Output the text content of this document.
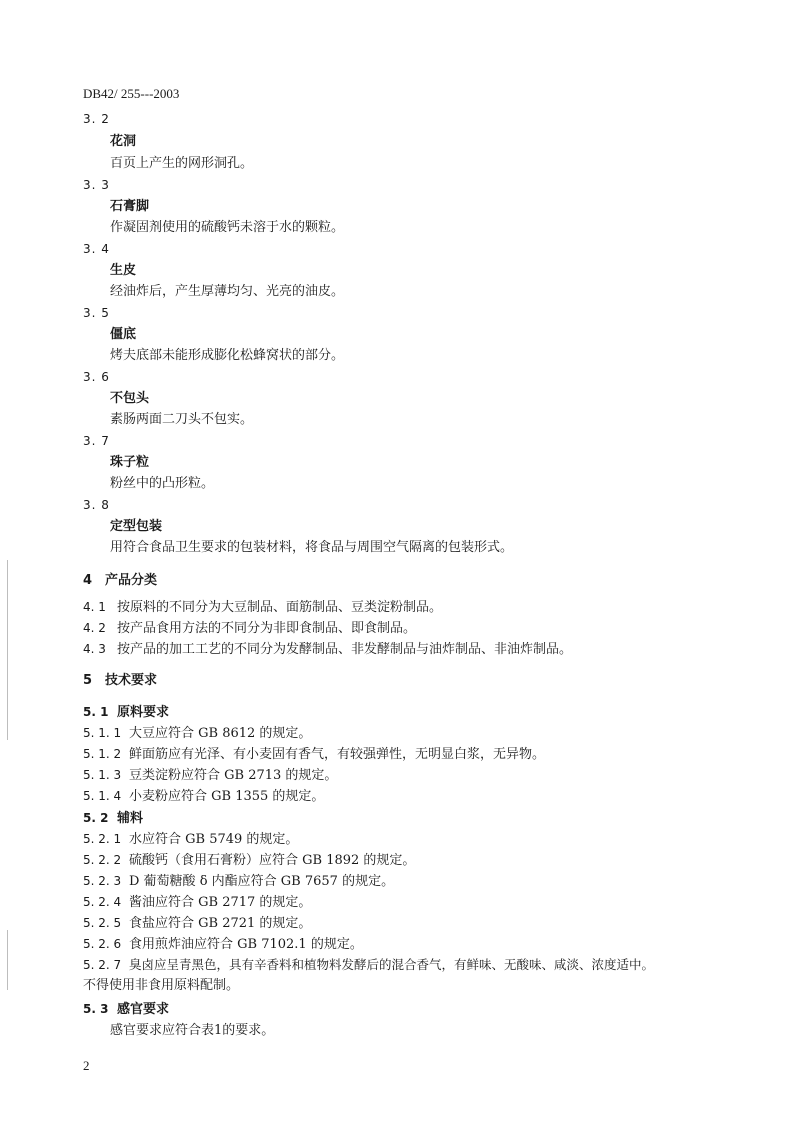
DB42/ 255---2003
3. 2
花洞
百页上产生的网形洞孔。
3. 3
石膏脚
作凝固剂使用的硫酸钙未溶于水的颗粒。
3. 4
生皮
经油炸后，产生厚薄均匀、光亮的油皮。
3. 5
僵底
烤夫底部未能形成膨化松蜂窝状的部分。
3. 6
不包头
素肠两面二刀头不包实。
3. 7
珠子粒
粉丝中的凸形粒。
3. 8
定型包装
用符合食品卫生要求的包装材料，将食品与周围空气隔离的包装形式。
4 产品分类
4. 1 按原料的不同分为大豆制品、面筋制品、豆类淀粉制品。
4. 2 按产品食用方法的不同分为非即食制品、即食制品。
4. 3 按产品的加工工艺的不同分为发酵制品、非发酵制品与油炸制品、非油炸制品。
5 技术要求
5. 1 原料要求
5. 1. 1 大豆应符合 GB 8612 的规定。
5. 1. 2 鲜面筋应有光泽、有小麦固有香气，有较强弹性，无明显白浆，无异物。
5. 1. 3 豆类淀粉应符合 GB 2713 的规定。
5. 1. 4 小麦粉应符合 GB 1355 的规定。
5. 2 辅料
5. 2. 1 水应符合 GB 5749 的规定。
5. 2. 2 硫酸钙（食用石膏粉）应符合 GB 1892 的规定。
5. 2. 3 D 葡萄糖酸 δ 内酯应符合 GB 7657 的规定。
5. 2. 4 酱油应符合 GB 2717 的规定。
5. 2. 5 食盐应符合 GB 2721 的规定。
5. 2. 6 食用煎炸油应符合 GB 7102.1 的规定。
5. 2. 7 臭卤应呈青黑色，具有辛香料和植物料发酵后的混合香气，有鲜味、无酸味、咸淡、浓度适中。
不得使用非食用原料配制。
5. 3 感官要求
感官要求应符合表1的要求。
2
